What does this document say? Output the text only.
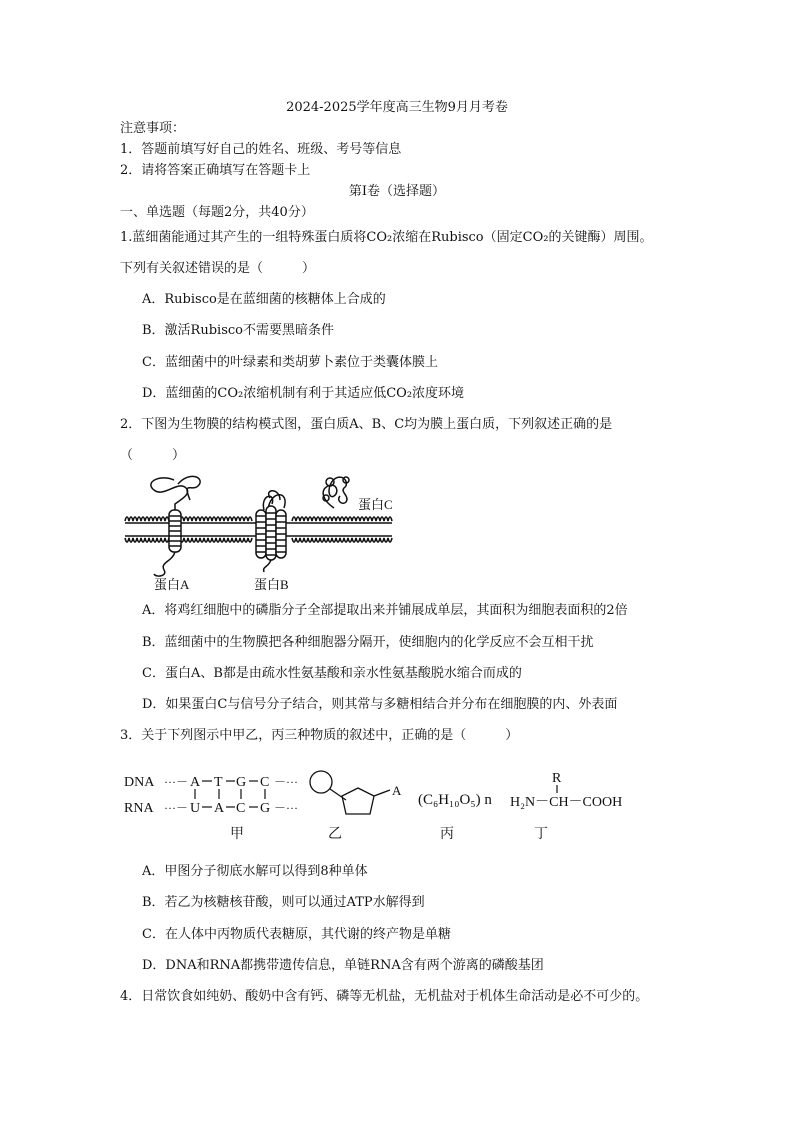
2024-2025学年度高三生物9月月考卷
注意事项：
1．答题前填写好自己的姓名、班级、考号等信息
2．请将答案正确填写在答题卡上
第Ⅰ卷（选择题）
一、单选题（每题2分，共40分）
1.蓝细菌能通过其产生的一组特殊蛋白质将CO₂浓缩在Rubisco（固定CO₂的关键酶）周围。
下列有关叙述错误的是（　　　）
A．Rubisco是在蓝细菌的核糖体上合成的
B．激活Rubisco不需要黑暗条件
C．蓝细菌中的叶绿素和类胡萝卜素位于类囊体膜上
D．蓝细菌的CO₂浓缩机制有利于其适应低CO₂浓度环境
2．下图为生物膜的结构模式图，蛋白质A、B、C均为膜上蛋白质，下列叙述正确的是
（　　　）
蛋白C
蛋白A	蛋白B
A．将鸡红细胞中的磷脂分子全部提取出来并铺展成单层，其面积为细胞表面积的2倍
B．蓝细菌中的生物膜把各种细胞器分隔开，使细胞内的化学反应不会互相干扰
C．蛋白A、B都是由疏水性氨基酸和亲水性氨基酸脱水缩合而成的
D．如果蛋白C与信号分子结合，则其常与多糖相结合并分布在细胞膜的内、外表面
3．关于下列图示中甲乙，丙三种物质的叙述中，正确的是（　　　）
DNA
RNA
···－
···－
A T G C
U A C G
－···
－···
A
(C₆H₁₀O₅) n
R
H₂N－CH－COOH
甲	乙	丙	丁
A．甲图分子彻底水解可以得到8种单体
B．若乙为核糖核苷酸，则可以通过ATP水解得到
C．在人体中丙物质代表糖原，其代谢的终产物是单糖
D．DNA和RNA都携带遗传信息，单链RNA含有两个游离的磷酸基团
4．日常饮食如纯奶、酸奶中含有钙、磷等无机盐，无机盐对于机体生命活动是必不可少的。
